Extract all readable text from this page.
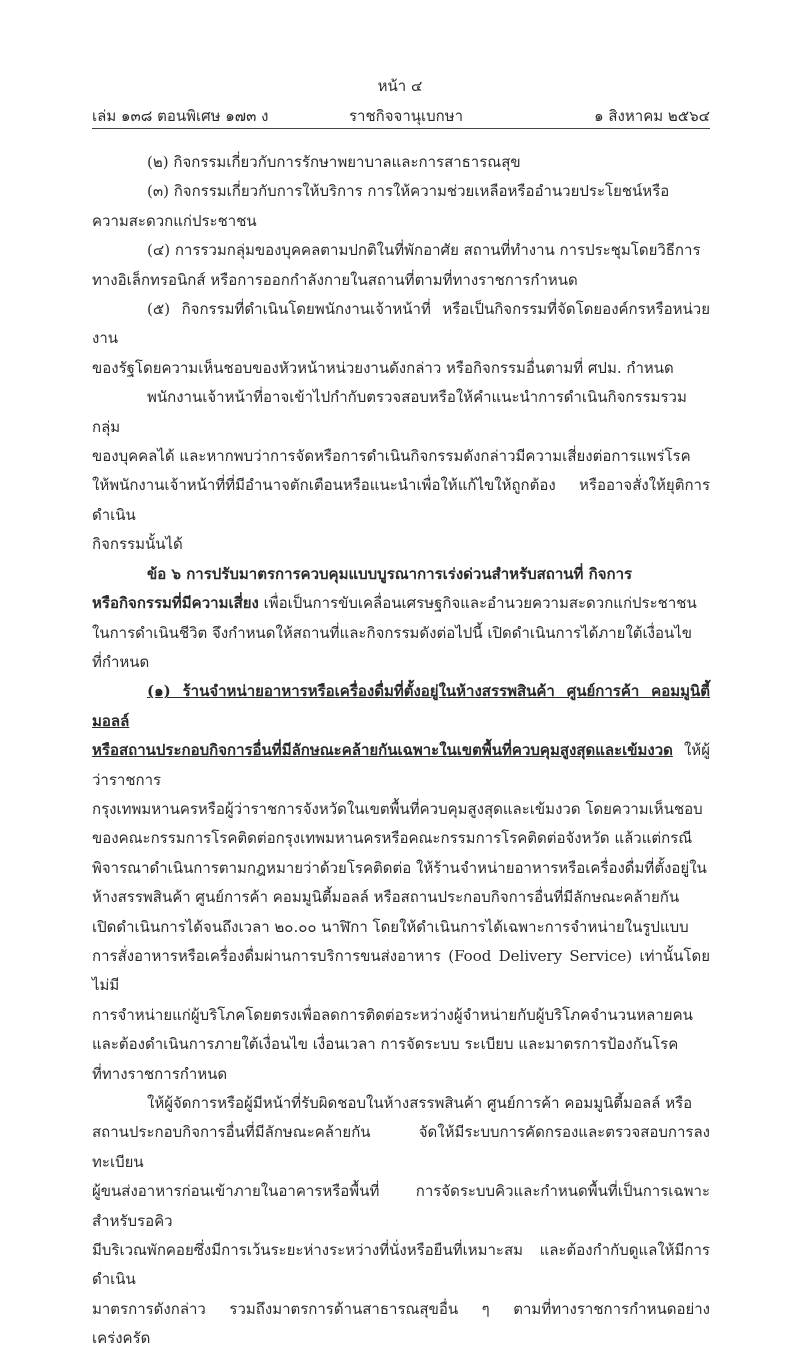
หน้า ๔
เล่ม ๑๓๘ ตอนพิเศษ ๑๗๓ ง	ราชกิจจานุเบกษา	๑ สิงหาคม ๒๕๖๔

(๒) กิจกรรมเกี่ยวกับการรักษาพยาบาลและการสาธารณสุข

(๓) กิจกรรมเกี่ยวกับการให้บริการ การให้ความช่วยเหลือหรืออำนวยประโยชน์หรือ
ความสะดวกแก่ประชาชน

(๔) การรวมกลุ่มของบุคคลตามปกติในที่พักอาศัย สถานที่ทำงาน การประชุมโดยวิธีการ
ทางอิเล็กทรอนิกส์ หรือการออกกำลังกายในสถานที่ตามที่ทางราชการกำหนด

(๕) กิจกรรมที่ดำเนินโดยพนักงานเจ้าหน้าที่ หรือเป็นกิจกรรมที่จัดโดยองค์กรหรือหน่วยงาน
ของรัฐโดยความเห็นชอบของหัวหน้าหน่วยงานดังกล่าว หรือกิจกรรมอื่นตามที่ ศปม. กำหนด

พนักงานเจ้าหน้าที่อาจเข้าไปกำกับตรวจสอบหรือให้คำแนะนำการดำเนินกิจกรรมรวมกลุ่ม
ของบุคคลได้ และหากพบว่าการจัดหรือการดำเนินกิจกรรมดังกล่าวมีความเสี่ยงต่อการแพร่โรค
ให้พนักงานเจ้าหน้าที่ที่มีอำนาจตักเตือนหรือแนะนำเพื่อให้แก้ไขให้ถูกต้อง หรืออาจสั่งให้ยุติการดำเนิน
กิจกรรมนั้นได้

ข้อ ๖ การปรับมาตรการควบคุมแบบบูรณาการเร่งด่วนสำหรับสถานที่ กิจการ
หรือกิจกรรมที่มีความเสี่ยง เพื่อเป็นการขับเคลื่อนเศรษฐกิจและอำนวยความสะดวกแก่ประชาชน
ในการดำเนินชีวิต จึงกำหนดให้สถานที่และกิจกรรมดังต่อไปนี้ เปิดดำเนินการได้ภายใต้เงื่อนไข
ที่กำหนด

(๑) ร้านจำหน่ายอาหารหรือเครื่องดื่มที่ตั้งอยู่ในห้างสรรพสินค้า ศูนย์การค้า คอมมูนิตี้มอลล์
หรือสถานประกอบกิจการอื่นที่มีลักษณะคล้ายกันเฉพาะในเขตพื้นที่ควบคุมสูงสุดและเข้มงวด ให้ผู้ว่าราชการ
กรุงเทพมหานครหรือผู้ว่าราชการจังหวัดในเขตพื้นที่ควบคุมสูงสุดและเข้มงวด โดยความเห็นชอบ
ของคณะกรรมการโรคติดต่อกรุงเทพมหานครหรือคณะกรรมการโรคติดต่อจังหวัด แล้วแต่กรณี
พิจารณาดำเนินการตามกฎหมายว่าด้วยโรคติดต่อ ให้ร้านจำหน่ายอาหารหรือเครื่องดื่มที่ตั้งอยู่ใน
ห้างสรรพสินค้า ศูนย์การค้า คอมมูนิตี้มอลล์ หรือสถานประกอบกิจการอื่นที่มีลักษณะคล้ายกัน
เปิดดำเนินการได้จนถึงเวลา ๒๐.๐๐ นาฬิกา โดยให้ดำเนินการได้เฉพาะการจำหน่ายในรูปแบบ
การสั่งอาหารหรือเครื่องดื่มผ่านการบริการขนส่งอาหาร (Food Delivery Service) เท่านั้นโดยไม่มี
การจำหน่ายแก่ผู้บริโภคโดยตรงเพื่อลดการติดต่อระหว่างผู้จำหน่ายกับผู้บริโภคจำนวนหลายคน
และต้องดำเนินการภายใต้เงื่อนไข เงื่อนเวลา การจัดระบบ ระเบียบ และมาตรการป้องกันโรค
ที่ทางราชการกำหนด

ให้ผู้จัดการหรือผู้มีหน้าที่รับผิดชอบในห้างสรรพสินค้า ศูนย์การค้า คอมมูนิตี้มอลล์ หรือ
สถานประกอบกิจการอื่นที่มีลักษณะคล้ายกัน จัดให้มีระบบการคัดกรองและตรวจสอบการลงทะเบียน
ผู้ขนส่งอาหารก่อนเข้าภายในอาคารหรือพื้นที่ การจัดระบบคิวและกำหนดพื้นที่เป็นการเฉพาะสำหรับรอคิว
มีบริเวณพักคอยซึ่งมีการเว้นระยะห่างระหว่างที่นั่งหรือยืนที่เหมาะสม และต้องกำกับดูแลให้มีการดำเนิน
มาตรการดังกล่าว รวมถึงมาตรการด้านสาธารณสุขอื่น ๆ ตามที่ทางราชการกำหนดอย่างเคร่งครัด
